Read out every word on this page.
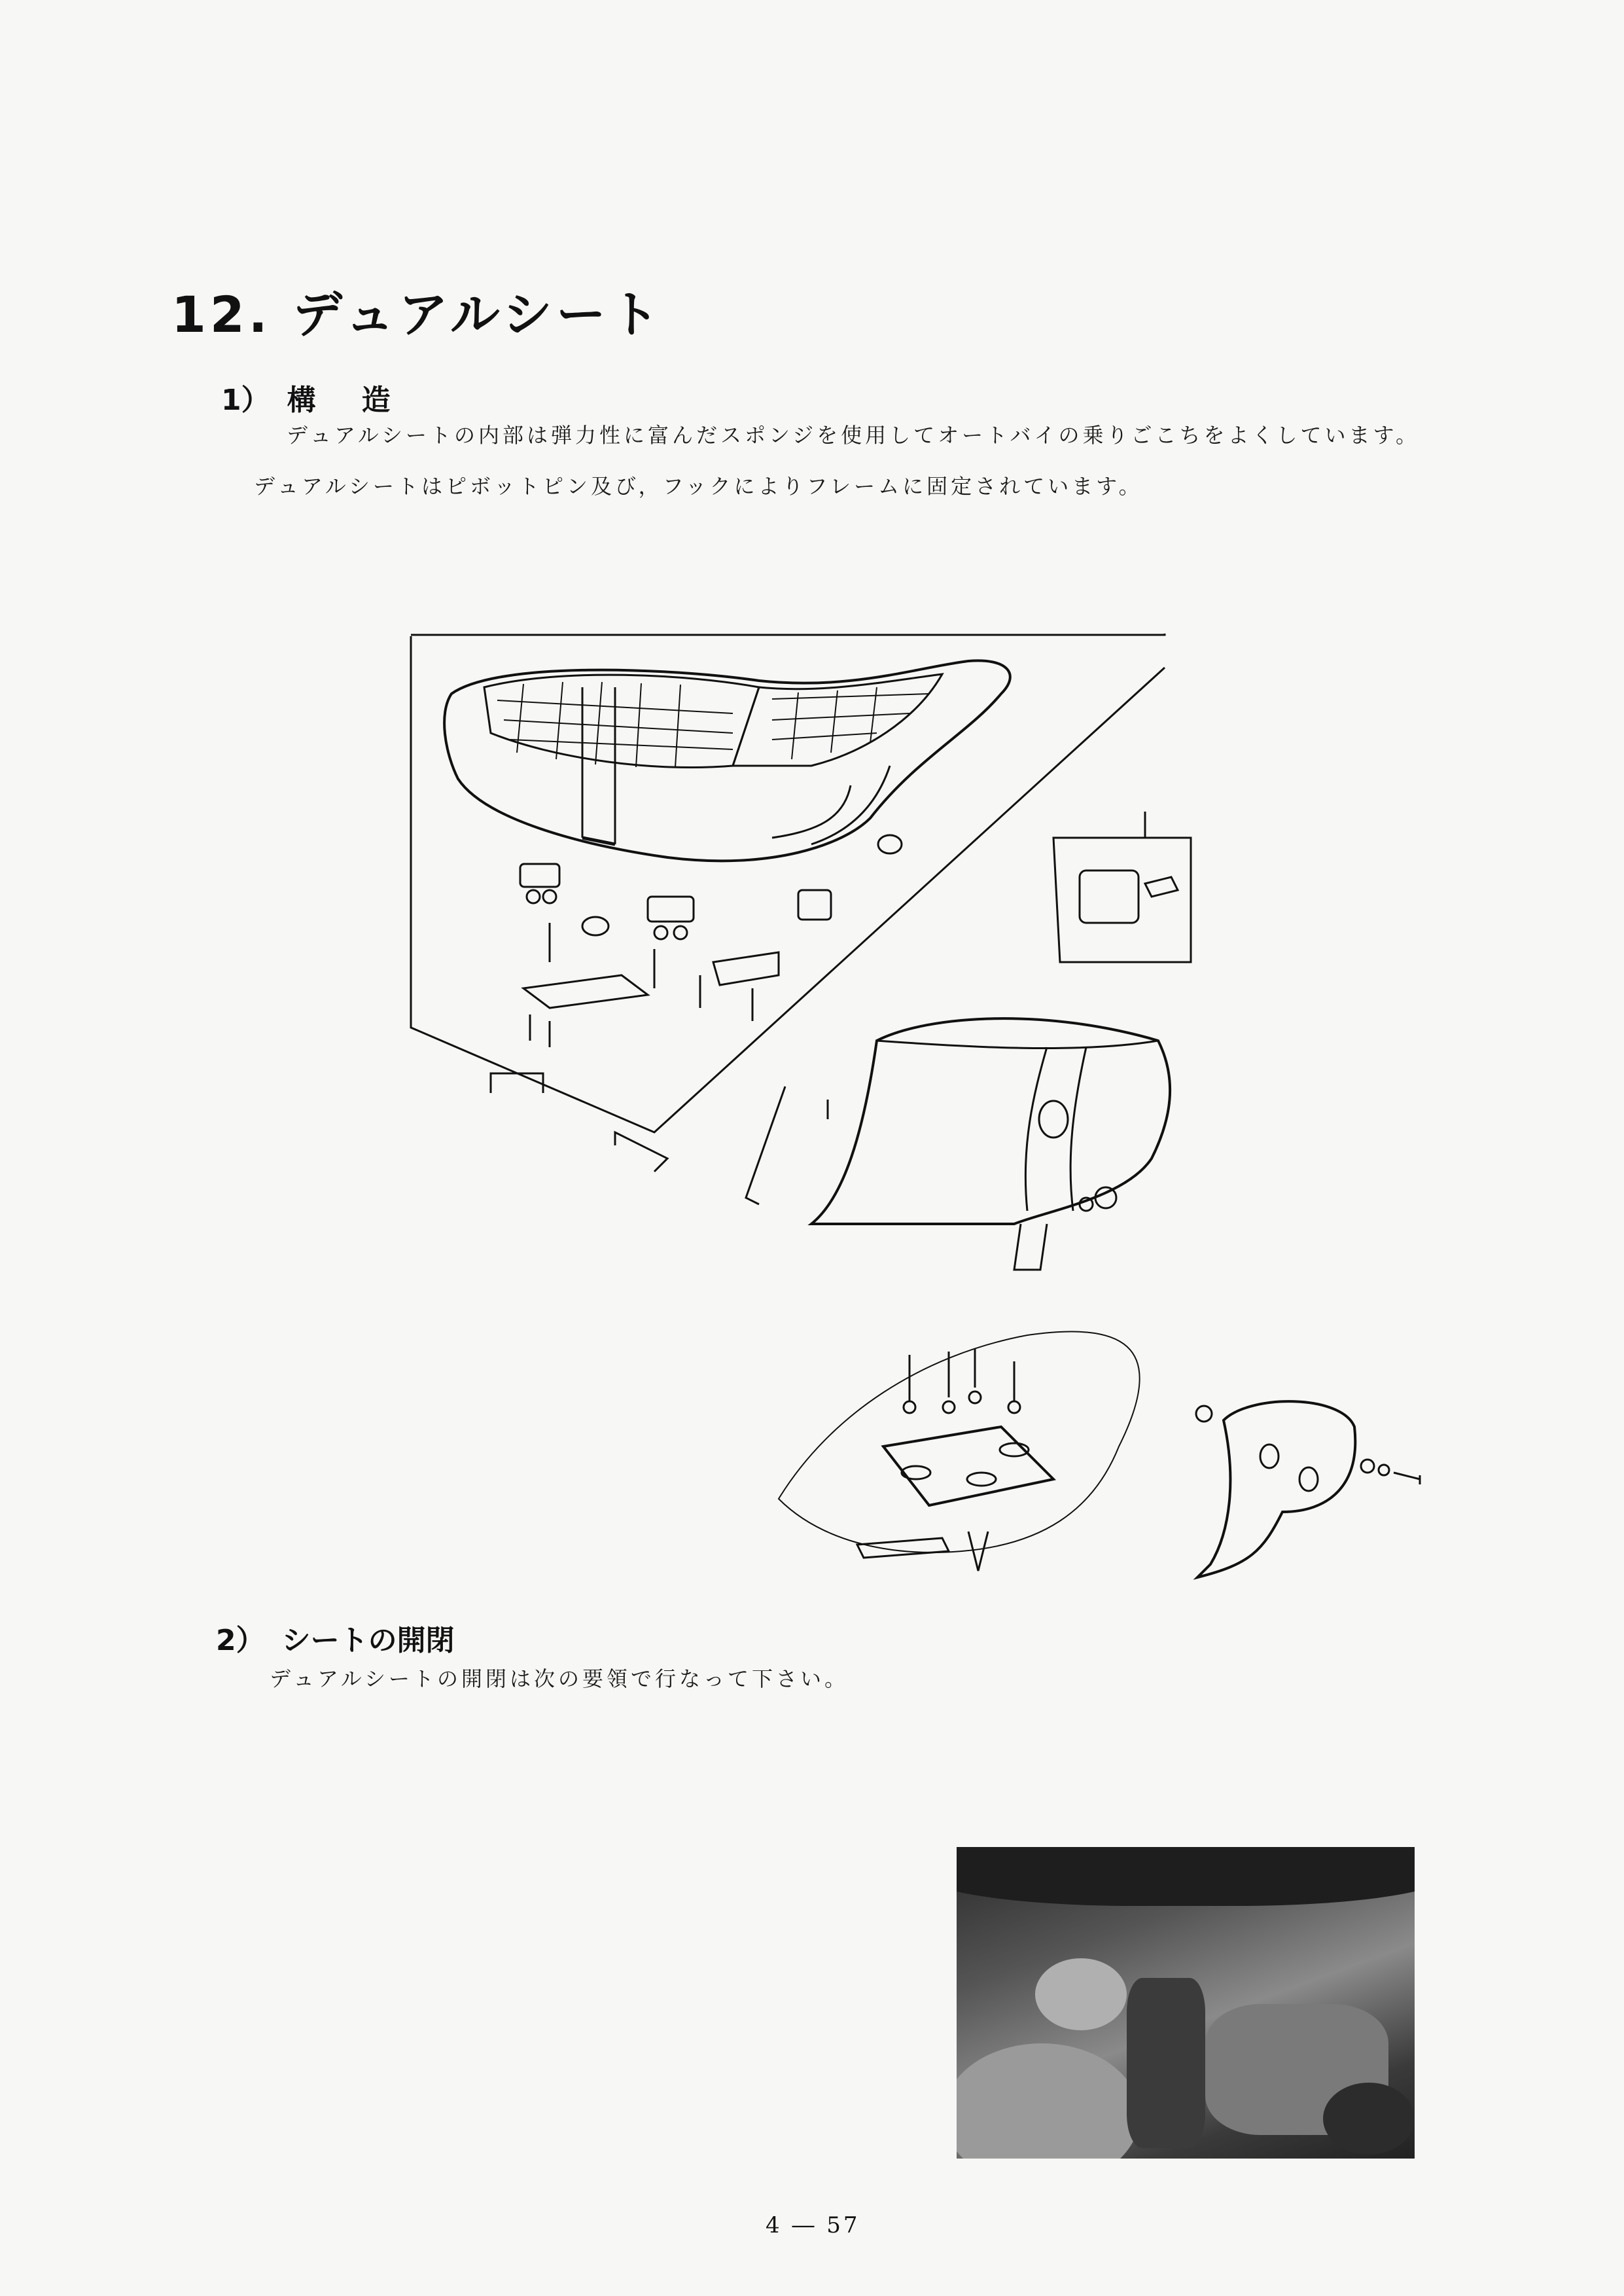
12. デュアルシート
1） 構 造
デュアルシートの内部は弾力性に富んだスポンジを使用してオートバイの乗りごこちをよくしています。
デュアルシートはピボットピン及び，フックによりフレームに固定されています。
2） シートの開閉
デュアルシートの開閉は次の要領で行なって下さい。
4 ― 57
